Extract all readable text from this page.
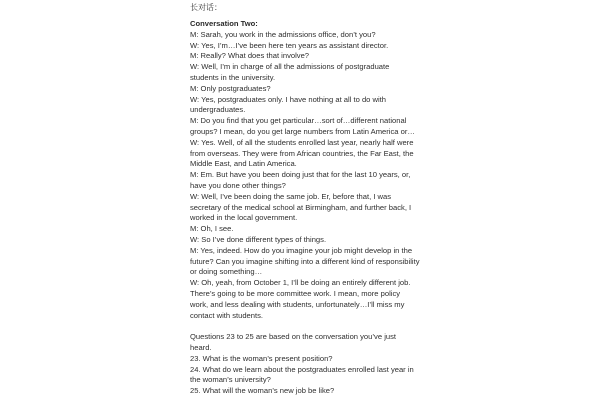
长对话：
Conversation Two:
M: Sarah, you work in the admissions office, don’t you?
W: Yes, I’m…I’ve been here ten years as assistant director.
M: Really? What does that involve?
W: Well, I’m in charge of all the admissions of postgraduate
students in the university.
M: Only postgraduates?
W: Yes, postgraduates only. I have nothing at all to do with
undergraduates.
M: Do you find that you get particular…sort of…different national
groups? I mean, do you get large numbers from Latin America or…
W: Yes. Well, of all the students enrolled last year, nearly half were
from overseas. They were from African countries, the Far East, the
Middle East, and Latin America.
M: Em. But have you been doing just that for the last 10 years, or,
have you done other things?
W: Well, I’ve been doing the same job. Er, before that, I was
secretary of the medical school at Birmingham, and further back, I
worked in the local government.
M: Oh, I see.
W: So I’ve done different types of things.
M: Yes, indeed. How do you imagine your job might develop in the
future? Can you imagine shifting into a different kind of responsibility
or doing something…
W: Oh, yeah, from October 1, I’ll be doing an entirely different job.
There’s going to be more committee work. I mean, more policy
work, and less dealing with students, unfortunately…I’ll miss my
contact with students.
Questions 23 to 25 are based on the conversation you’ve just
heard.
23. What is the woman’s present position?
24. What do we learn about the postgraduates enrolled last year in
the woman’s university?
25. What will the woman’s new job be like?
